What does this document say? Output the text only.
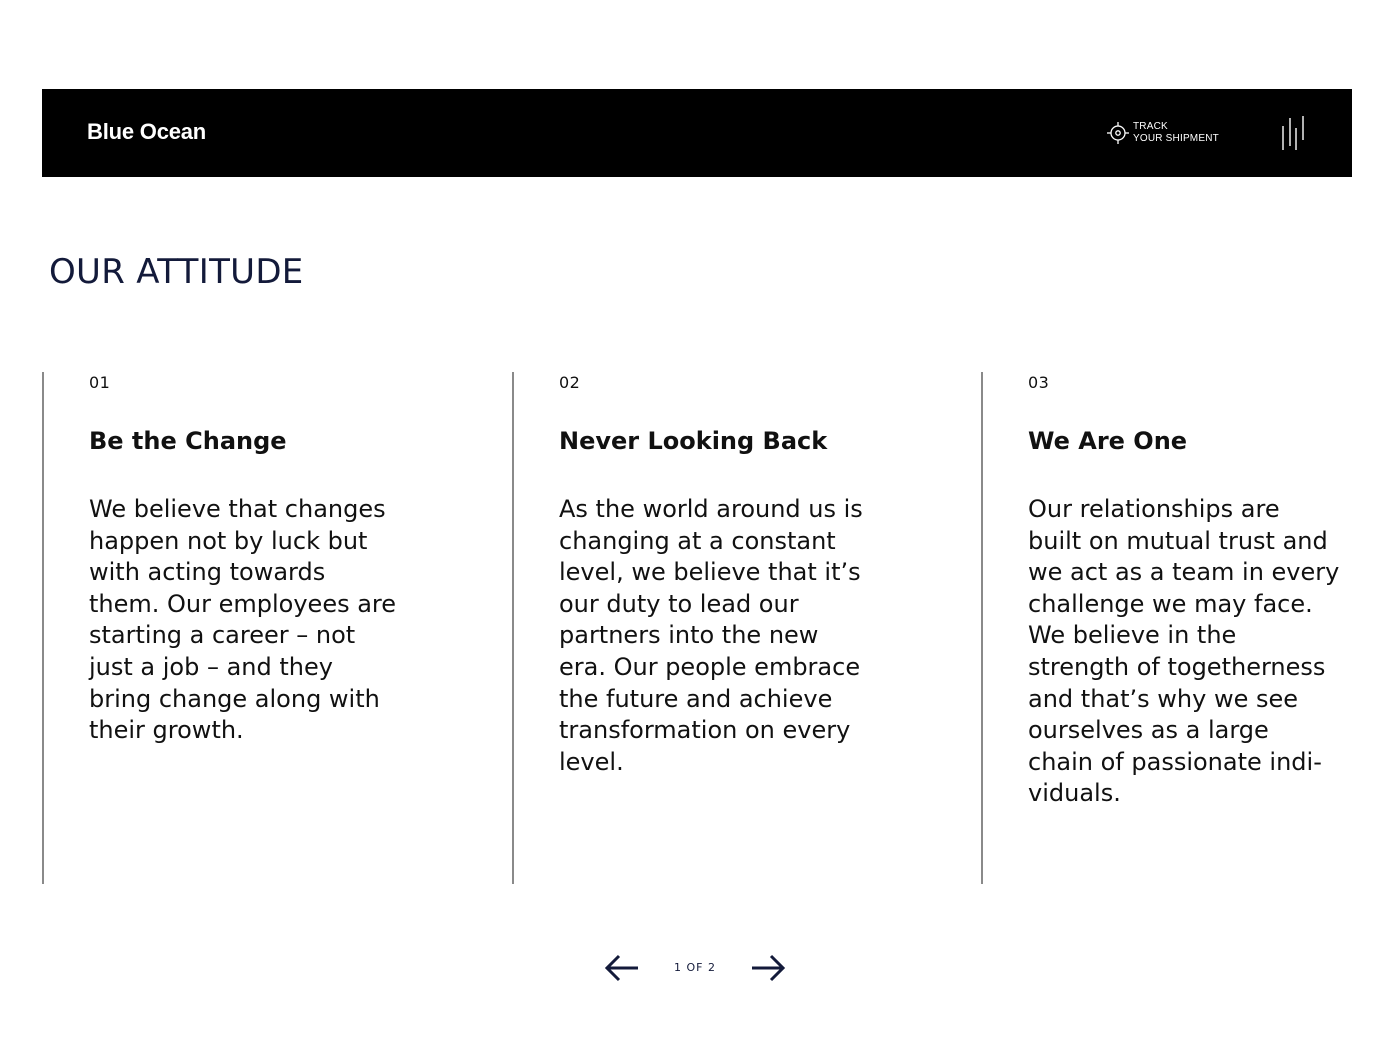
Blue Ocean	TRACK
YOUR SHIPMENT
OUR ATTITUDE
01
Be the Change

We believe that changes
happen not by luck but
with acting towards
them. Our employees are
starting a career – not
just a job – and they
bring change along with
their growth.

02
Never Looking Back

As the world around us is
changing at a constant
level, we believe that it’s
our duty to lead our
partners into the new
era. Our people embrace
the future and achieve
transformation on every
level.

03
We Are One

Our relationships are
built on mutual trust and
we act as a team in every
challenge we may face.
We believe in the
strength of togetherness
and that’s why we see
ourselves as a large
chain of passionate indi-
viduals.

1 OF 2
